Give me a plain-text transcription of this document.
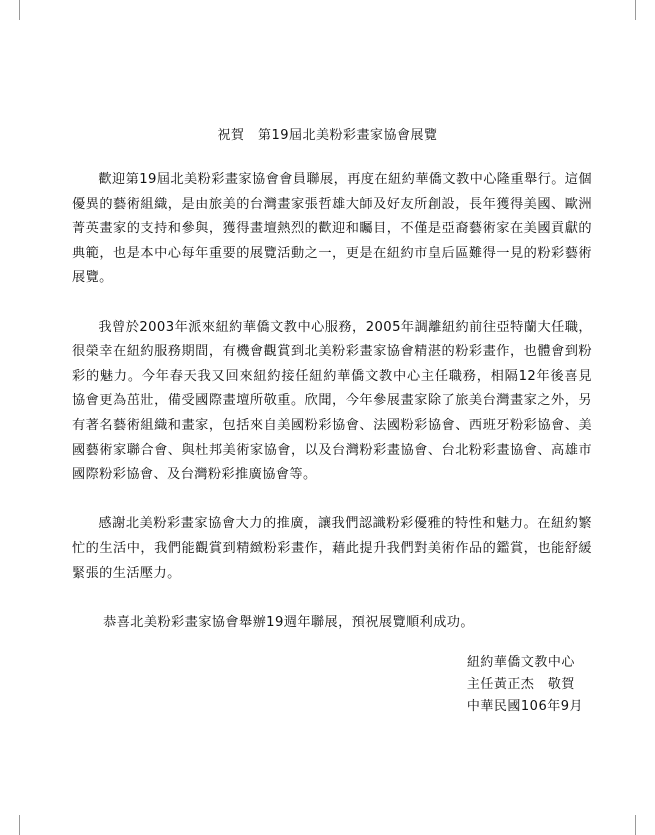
祝賀　第19屆北美粉彩畫家協會展覽

歡迎第19屆北美粉彩畫家協會會員聯展，再度在紐約華僑文教中心隆重舉行。這個優異的藝術組織，是由旅美的台灣畫家張哲雄大師及好友所創設，長年獲得美國、歐洲菁英畫家的支持和參與，獲得畫壇熱烈的歡迎和矚目，不僅是亞裔藝術家在美國貢獻的典範，也是本中心每年重要的展覽活動之一，更是在紐約市皇后區難得一見的粉彩藝術展覽。

我曾於2003年派來紐約華僑文教中心服務，2005年調離紐約前往亞特蘭大任職，很榮幸在紐約服務期間，有機會觀賞到北美粉彩畫家協會精湛的粉彩畫作，也體會到粉彩的魅力。今年春天我又回來紐約接任紐約華僑文教中心主任職務，相隔12年後喜見協會更為茁壯，備受國際畫壇所敬重。欣聞，今年參展畫家除了旅美台灣畫家之外，另有著名藝術組織和畫家，包括來自美國粉彩協會、法國粉彩協會、西班牙粉彩協會、美國藝術家聯合會、與杜邦美術家協會，以及台灣粉彩畫協會、台北粉彩畫協會、高雄市國際粉彩協會、及台灣粉彩推廣協會等。

感謝北美粉彩畫家協會大力的推廣，讓我們認識粉彩優雅的特性和魅力。在紐約繁忙的生活中，我們能觀賞到精緻粉彩畫作，藉此提升我們對美術作品的鑑賞，也能舒緩緊張的生活壓力。

恭喜北美粉彩畫家協會舉辦19週年聯展，預祝展覽順利成功。

紐約華僑文教中心
主任黃正杰　敬賀
中華民國106年9月
